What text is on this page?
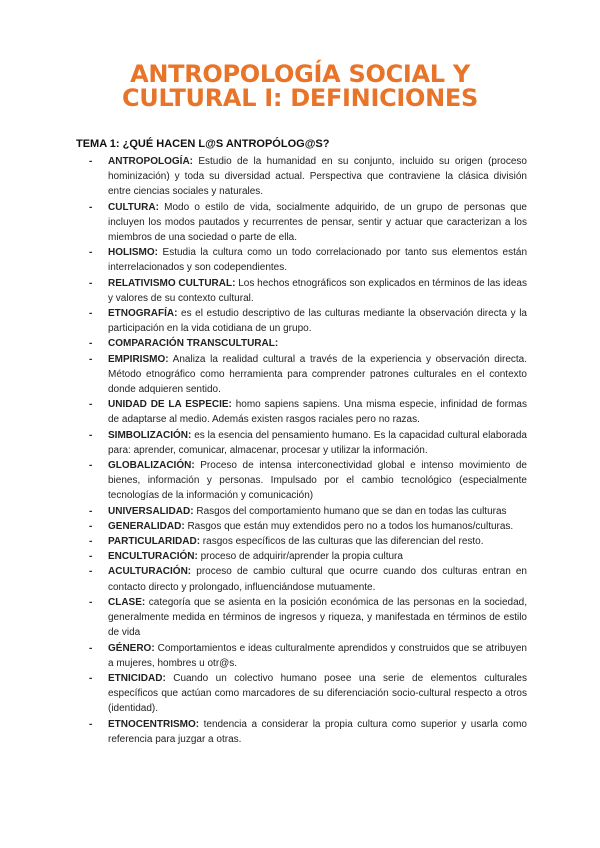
ANTROPOLOGÍA SOCIAL Y
CULTURAL I: DEFINICIONES
TEMA 1: ¿QUÉ HACEN L@S ANTROPÓLOG@S?
- ANTROPOLOGÍA: Estudio de la humanidad en su conjunto, incluido su origen (proceso hominización) y toda su diversidad actual. Perspectiva que contraviene la clásica división entre ciencias sociales y naturales.
- CULTURA: Modo o estilo de vida, socialmente adquirido, de un grupo de personas que incluyen los modos pautados y recurrentes de pensar, sentir y actuar que caracterizan a los miembros de una sociedad o parte de ella.
- HOLISMO: Estudia la cultura como un todo correlacionado por tanto sus elementos están interrelacionados y son codependientes.
- RELATIVISMO CULTURAL: Los hechos etnográficos son explicados en términos de las ideas y valores de su contexto cultural.
- ETNOGRAFÍA: es el estudio descriptivo de las culturas mediante la observación directa y la participación en la vida cotidiana de un grupo.
- COMPARACIÓN TRANSCULTURAL:
- EMPIRISMO: Analiza la realidad cultural a través de la experiencia y observación directa. Método etnográfico como herramienta para comprender patrones culturales en el contexto donde adquieren sentido.
- UNIDAD DE LA ESPECIE: homo sapiens sapiens. Una misma especie, infinidad de formas de adaptarse al medio. Además existen rasgos raciales pero no razas.
- SIMBOLIZACIÓN: es la esencia del pensamiento humano. Es la capacidad cultural elaborada para: aprender, comunicar, almacenar, procesar y utilizar la información.
- GLOBALIZACIÓN: Proceso de intensa interconectividad global e intenso movimiento de bienes, información y personas. Impulsado por el cambio tecnológico (especialmente tecnologías de la información y comunicación)
- UNIVERSALIDAD: Rasgos del comportamiento humano que se dan en todas las culturas
- GENERALIDAD: Rasgos que están muy extendidos pero no a todos los humanos/culturas.
- PARTICULARIDAD: rasgos específicos de las culturas que las diferencian del resto.
- ENCULTURACIÓN: proceso de adquirir/aprender la propia cultura
- ACULTURACIÓN: proceso de cambio cultural que ocurre cuando dos culturas entran en contacto directo y prolongado, influenciándose mutuamente.
- CLASE: categoría que se asienta en la posición económica de las personas en la sociedad, generalmente medida en términos de ingresos y riqueza, y manifestada en términos de estilo de vida
- GÉNERO: Comportamientos e ideas culturalmente aprendidos y construidos que se atribuyen a mujeres, hombres u otr@s.
- ETNICIDAD: Cuando un colectivo humano posee una serie de elementos culturales específicos que actúan como marcadores de su diferenciación socio-cultural respecto a otros (identidad).
- ETNOCENTRISMO: tendencia a considerar la propia cultura como superior y usarla como referencia para juzgar a otras.
